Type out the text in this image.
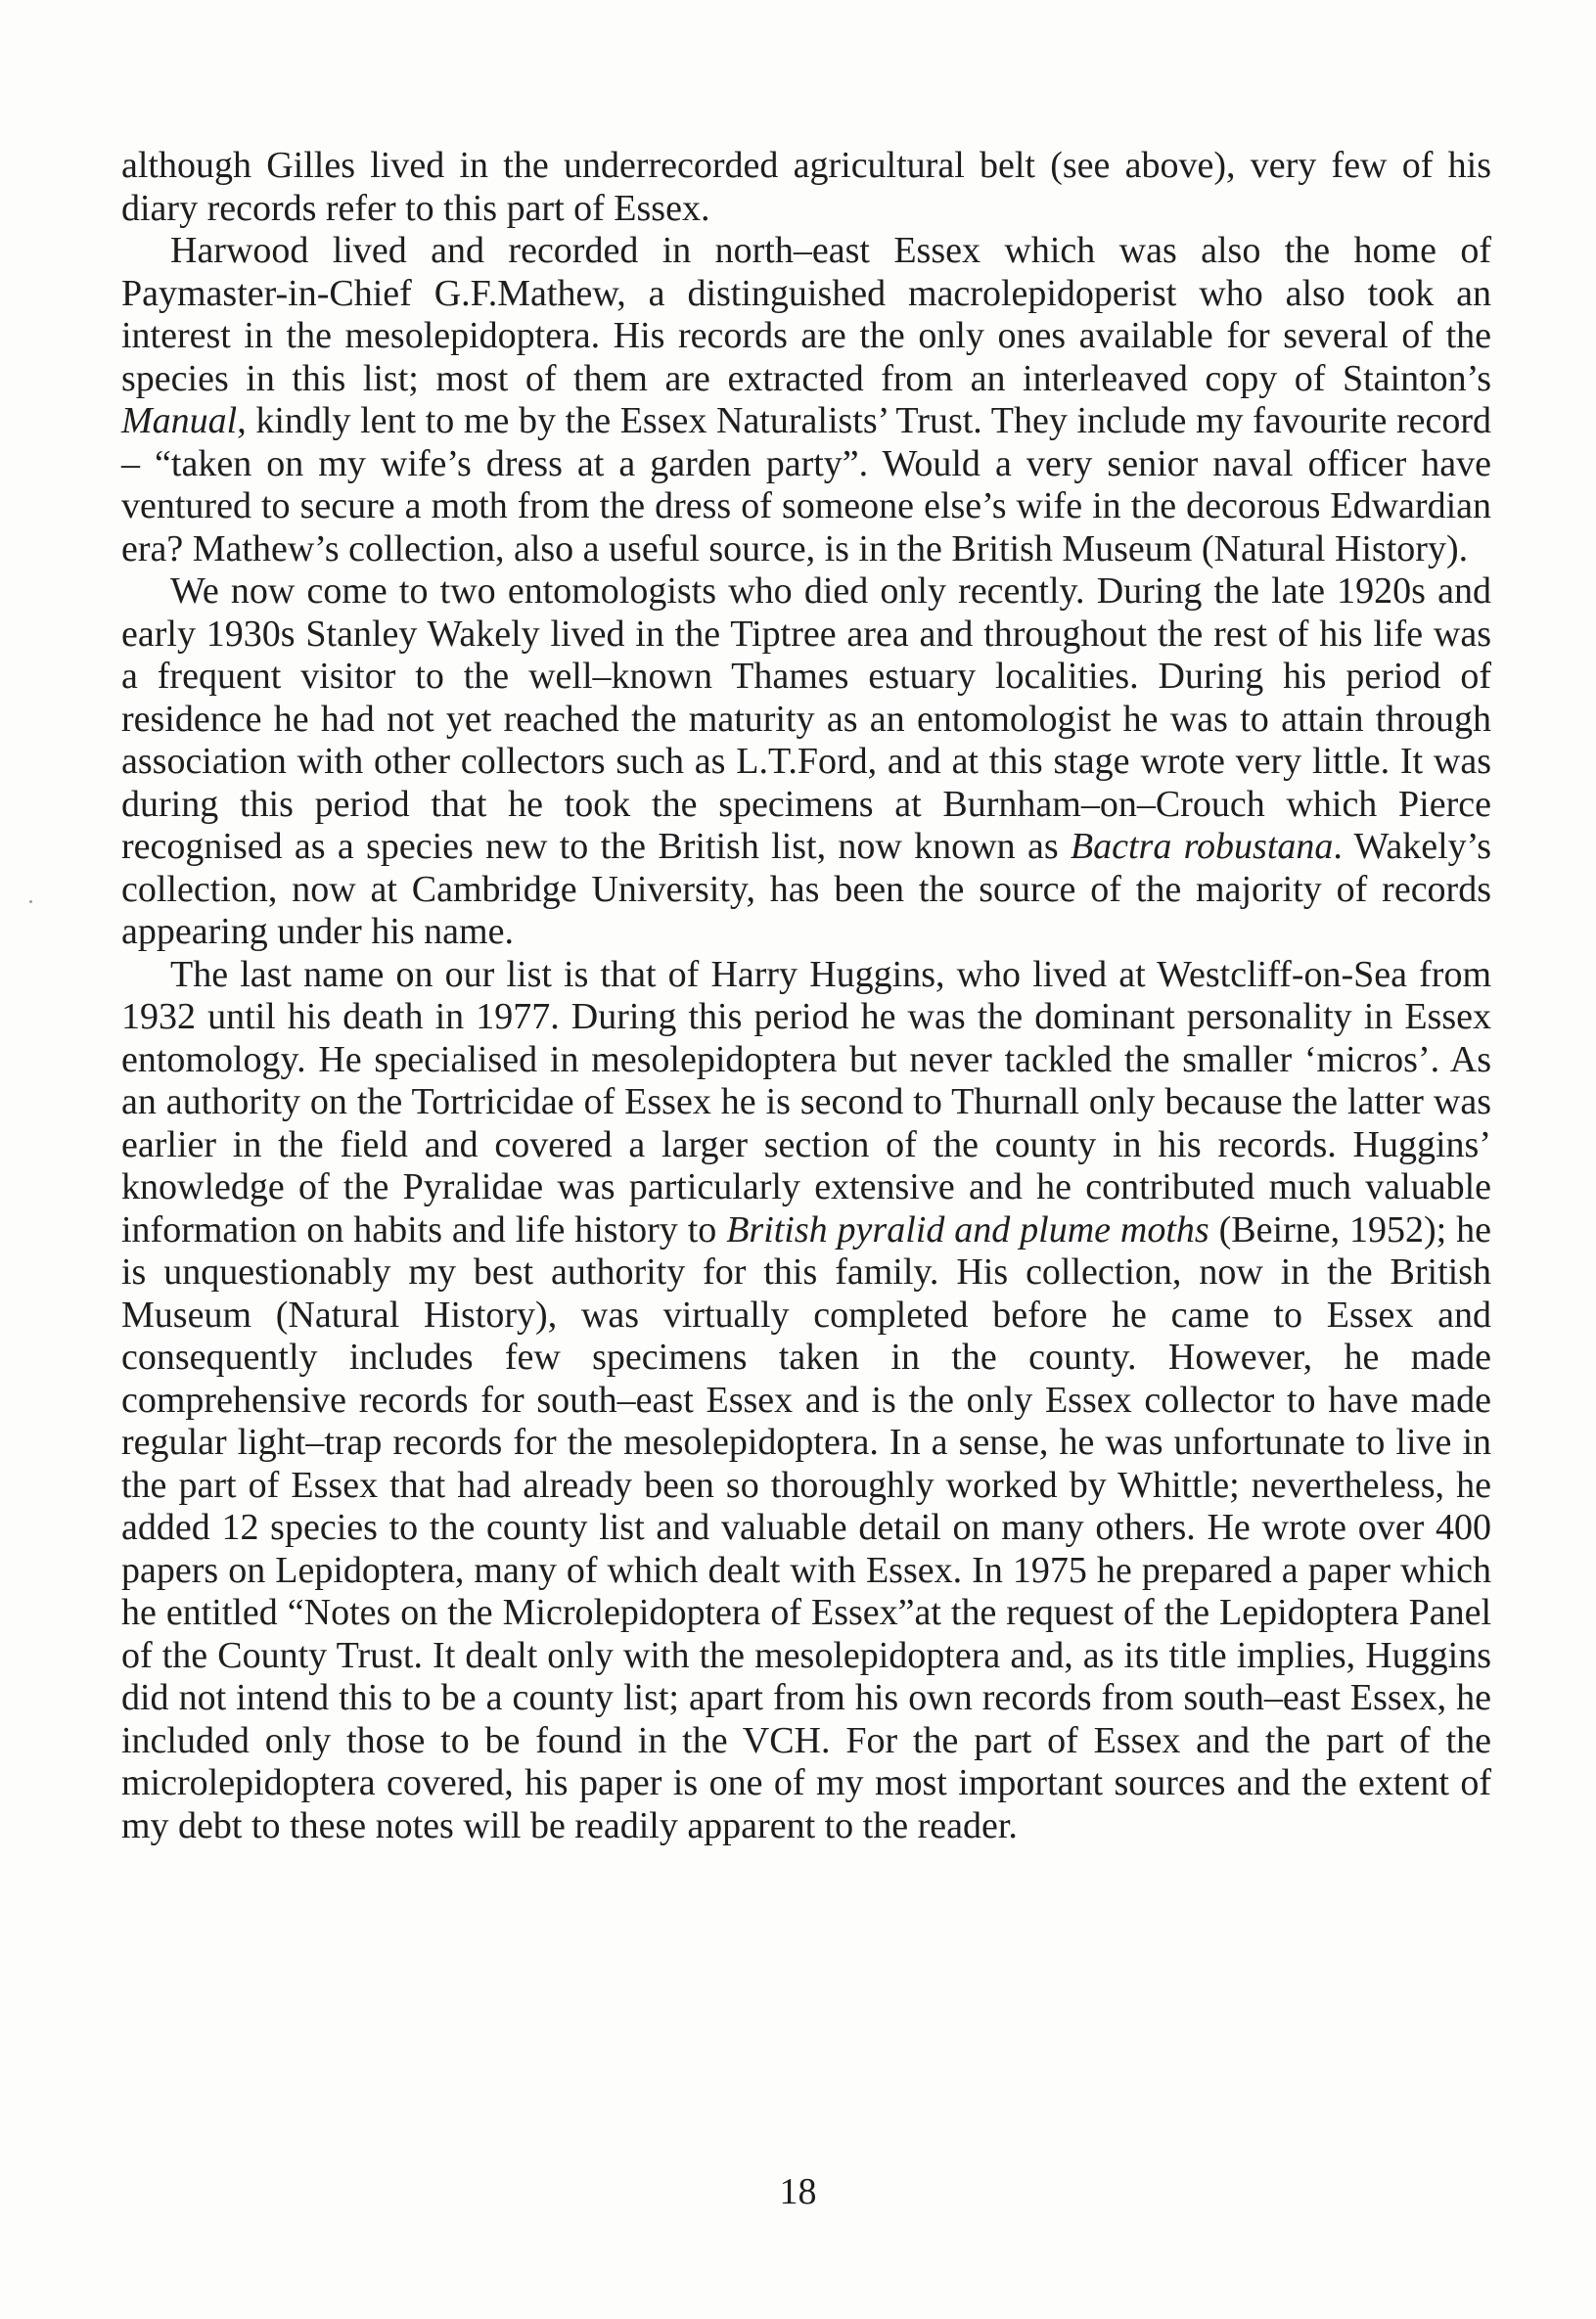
although Gilles lived in the underrecorded agricultural belt (see above), very few of his diary records refer to this part of Essex.

Harwood lived and recorded in north–east Essex which was also the home of Paymaster-in-Chief G.F.Mathew, a distinguished macrolepidoperist who also took an interest in the mesolepidoptera. His records are the only ones available for several of the species in this list; most of them are extracted from an interleaved copy of Stainton’s Manual, kindly lent to me by the Essex Naturalists’ Trust. They include my favourite record – “taken on my wife’s dress at a garden party”. Would a very senior naval officer have ventured to secure a moth from the dress of someone else’s wife in the decorous Edwardian era? Mathew’s collection, also a useful source, is in the British Museum (Natural History).

We now come to two entomologists who died only recently. During the late 1920s and early 1930s Stanley Wakely lived in the Tiptree area and throughout the rest of his life was a frequent visitor to the well–known Thames estuary localities. During his period of residence he had not yet reached the maturity as an entomologist he was to attain through association with other collectors such as L.T.Ford, and at this stage wrote very little. It was during this period that he took the specimens at Burnham–on–Crouch which Pierce recognised as a species new to the British list, now known as Bactra robustana. Wakely’s collection, now at Cambridge University, has been the source of the majority of records appearing under his name.

The last name on our list is that of Harry Huggins, who lived at Westcliff-on-Sea from 1932 until his death in 1977. During this period he was the dominant personality in Essex entomology. He specialised in mesolepidoptera but never tackled the smaller ‘micros’. As an authority on the Tortricidae of Essex he is second to Thurnall only because the latter was earlier in the field and covered a larger section of the county in his records. Huggins’ knowledge of the Pyralidae was particularly extensive and he contributed much valuable information on habits and life history to British pyralid and plume moths (Beirne, 1952); he is unquestionably my best authority for this family. His collection, now in the British Museum (Natural History), was virtually completed before he came to Essex and consequently includes few specimens taken in the county. However, he made comprehensive records for south–east Essex and is the only Essex collector to have made regular light–trap records for the mesolepidoptera. In a sense, he was unfortunate to live in the part of Essex that had already been so thoroughly worked by Whittle; nevertheless, he added 12 species to the county list and valuable detail on many others. He wrote over 400 papers on Lepidoptera, many of which dealt with Essex. In 1975 he prepared a paper which he entitled “Notes on the Microlepidoptera of Essex”at the request of the Lepidoptera Panel of the County Trust. It dealt only with the mesolepidoptera and, as its title implies, Huggins did not intend this to be a county list; apart from his own records from south–east Essex, he included only those to be found in the VCH. For the part of Essex and the part of the microlepidoptera covered, his paper is one of my most important sources and the extent of my debt to these notes will be readily apparent to the reader.

18
